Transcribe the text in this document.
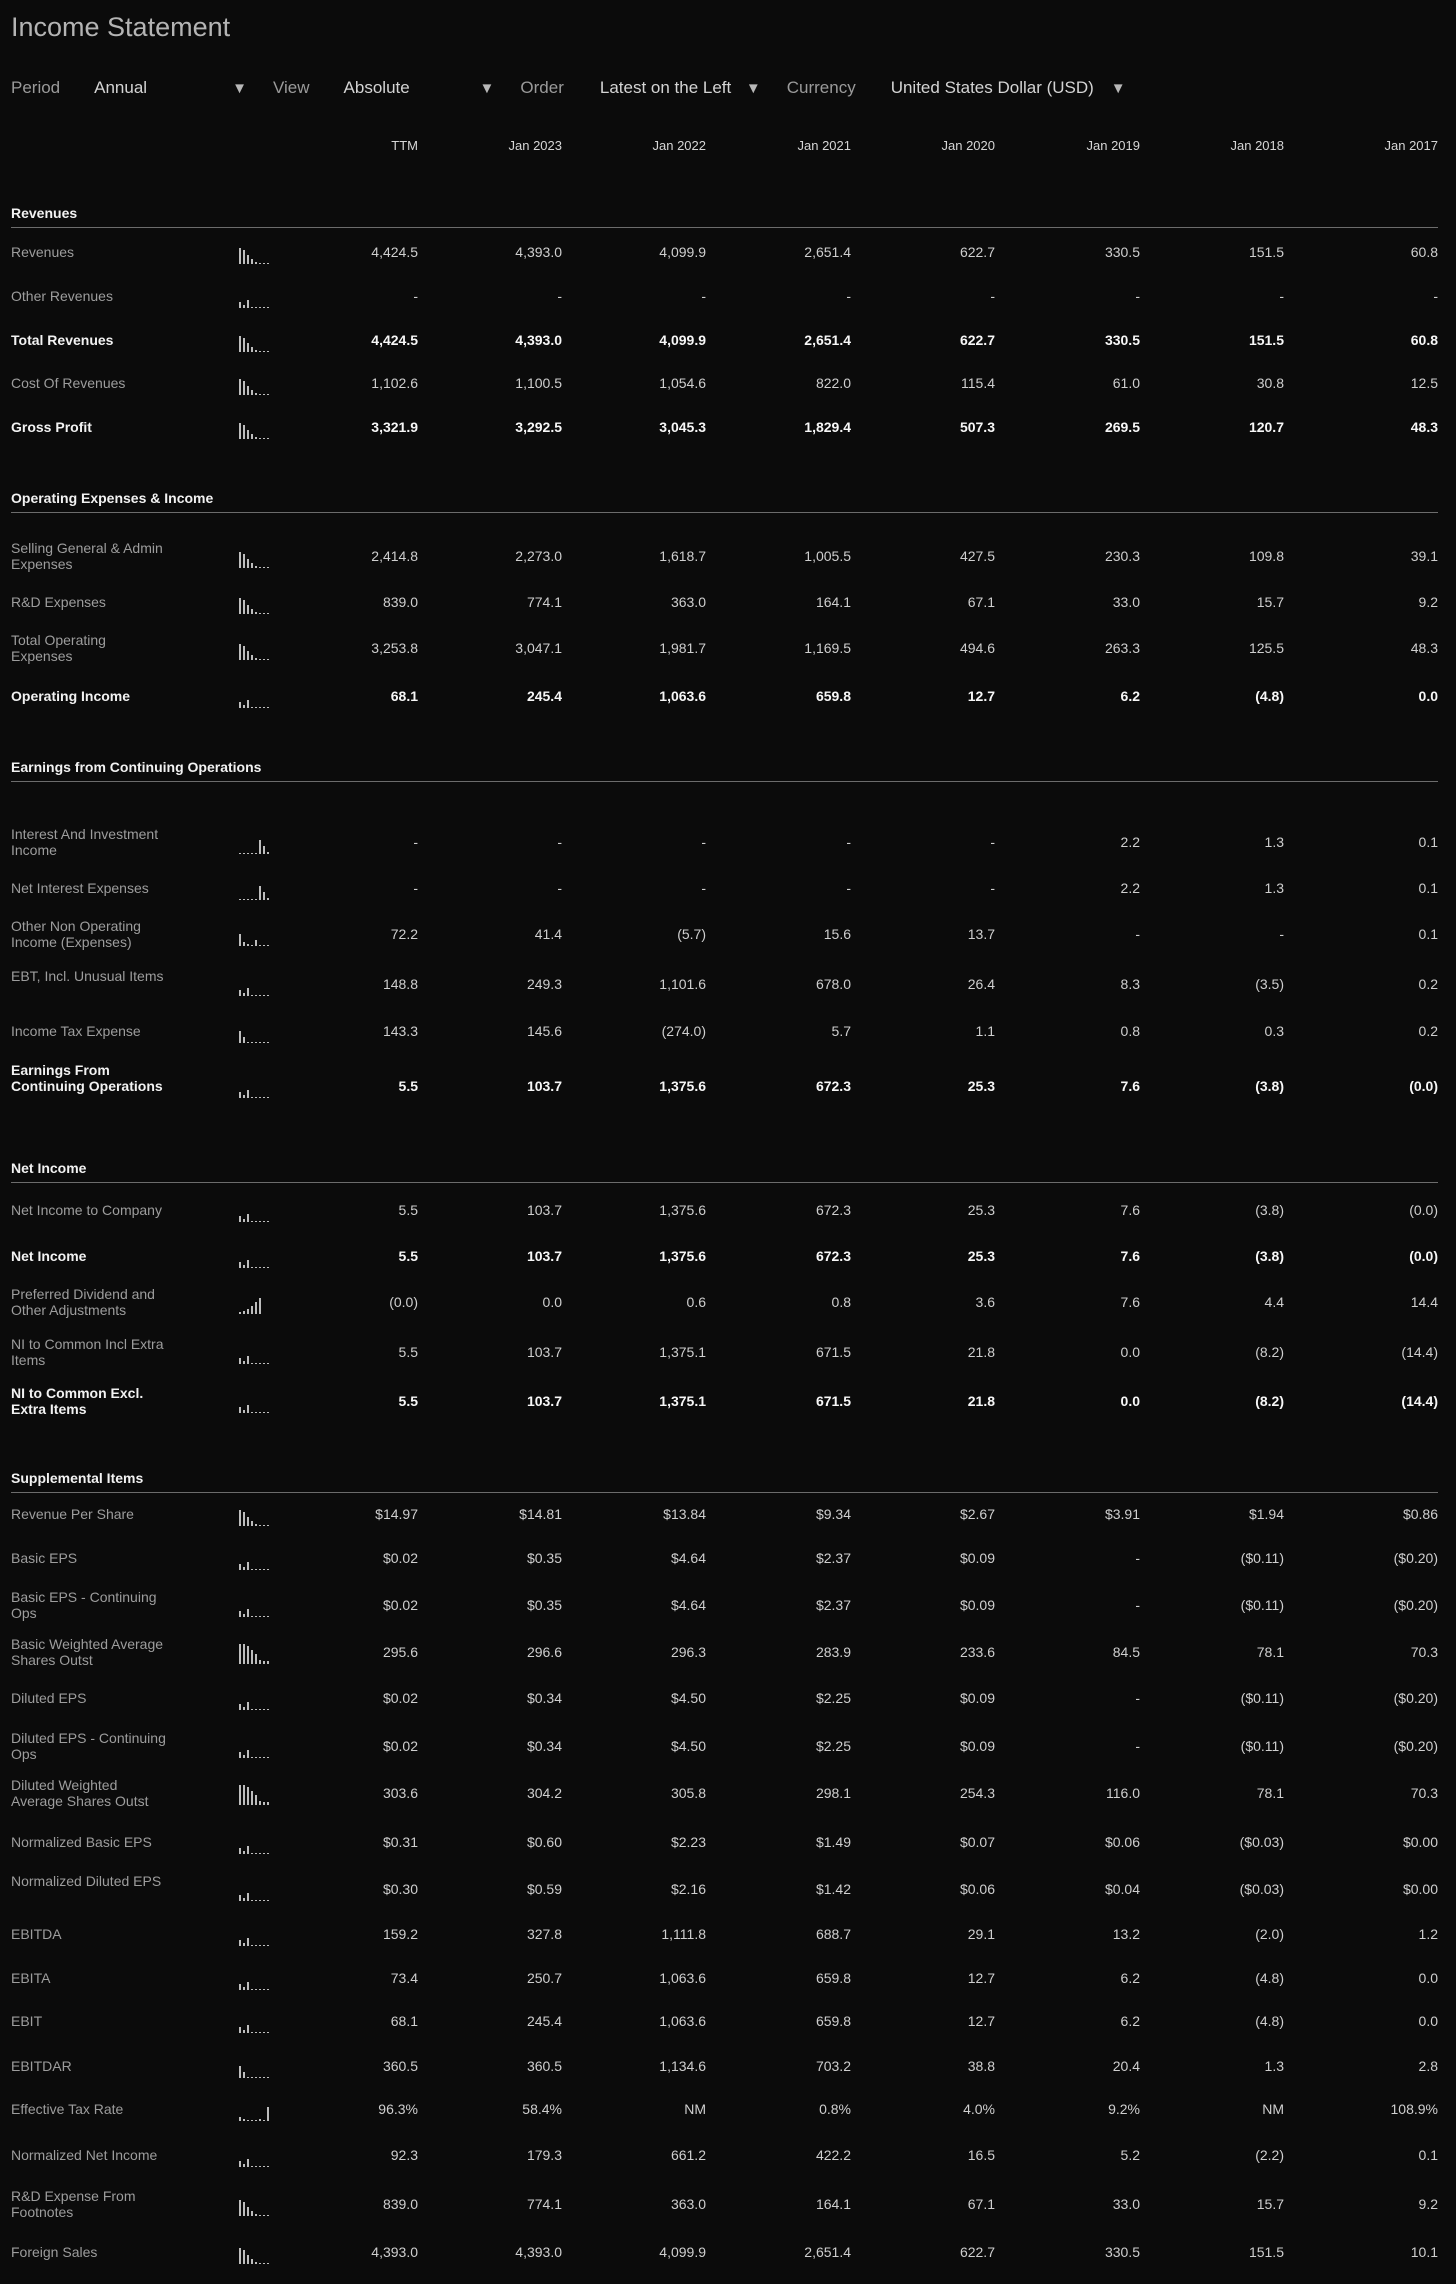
Income Statement
Period Annual	▼ View Absolute	▼ Order Latest on the Left ▼ Currency United States Dollar (USD)	▼
TTM	Jan 2023	Jan 2022	Jan 2021	Jan 2020	Jan 2019	Jan 2018	Jan 2017
Revenues
Revenues	4,424.5	4,393.0	4,099.9	2,651.4	622.7	330.5	151.5	60.8
Other Revenues	-	-	-	-	-	-	-	-
Total Revenues	4,424.5	4,393.0	4,099.9	2,651.4	622.7	330.5	151.5	60.8
Cost Of Revenues	1,102.6	1,100.5	1,054.6	822.0	115.4	61.0	30.8	12.5
Gross Profit	3,321.9	3,292.5	3,045.3	1,829.4	507.3	269.5	120.7	48.3
Operating Expenses & Income
Selling General & Admin Expenses	2,414.8	2,273.0	1,618.7	1,005.5	427.5	230.3	109.8	39.1
R&D Expenses	839.0	774.1	363.0	164.1	67.1	33.0	15.7	9.2
Total Operating Expenses	3,253.8	3,047.1	1,981.7	1,169.5	494.6	263.3	125.5	48.3
Operating Income	68.1	245.4	1,063.6	659.8	12.7	6.2	(4.8)	0.0
Earnings from Continuing Operations
Interest And Investment Income	-	-	-	-	-	2.2	1.3	0.1
Net Interest Expenses	-	-	-	-	-	2.2	1.3	0.1
Other Non Operating Income (Expenses)	72.2	41.4	(5.7)	15.6	13.7	-	-	0.1
EBT, Incl. Unusual Items	148.8	249.3	1,101.6	678.0	26.4	8.3	(3.5)	0.2
Income Tax Expense	143.3	145.6	(274.0)	5.7	1.1	0.8	0.3	0.2
Earnings From Continuing Operations	5.5	103.7	1,375.6	672.3	25.3	7.6	(3.8)	(0.0)
Net Income
Net Income to Company	5.5	103.7	1,375.6	672.3	25.3	7.6	(3.8)	(0.0)
Net Income	5.5	103.7	1,375.6	672.3	25.3	7.6	(3.8)	(0.0)
Preferred Dividend and Other Adjustments	(0.0)	0.0	0.6	0.8	3.6	7.6	4.4	14.4
NI to Common Incl Extra Items	5.5	103.7	1,375.1	671.5	21.8	0.0	(8.2)	(14.4)
NI to Common Excl. Extra Items	5.5	103.7	1,375.1	671.5	21.8	0.0	(8.2)	(14.4)
Supplemental Items
Revenue Per Share	$14.97	$14.81	$13.84	$9.34	$2.67	$3.91	$1.94	$0.86
Basic EPS	$0.02	$0.35	$4.64	$2.37	$0.09	-	($0.11)	($0.20)
Basic EPS - Continuing Ops	$0.02	$0.35	$4.64	$2.37	$0.09	-	($0.11)	($0.20)
Basic Weighted Average Shares Outst	295.6	296.6	296.3	283.9	233.6	84.5	78.1	70.3
Diluted EPS	$0.02	$0.34	$4.50	$2.25	$0.09	-	($0.11)	($0.20)
Diluted EPS - Continuing Ops	$0.02	$0.34	$4.50	$2.25	$0.09	-	($0.11)	($0.20)
Diluted Weighted Average Shares Outst	303.6	304.2	305.8	298.1	254.3	116.0	78.1	70.3
Normalized Basic EPS	$0.31	$0.60	$2.23	$1.49	$0.07	$0.06	($0.03)	$0.00
Normalized Diluted EPS	$0.30	$0.59	$2.16	$1.42	$0.06	$0.04	($0.03)	$0.00
EBITDA	159.2	327.8	1,111.8	688.7	29.1	13.2	(2.0)	1.2
EBITA	73.4	250.7	1,063.6	659.8	12.7	6.2	(4.8)	0.0
EBIT	68.1	245.4	1,063.6	659.8	12.7	6.2	(4.8)	0.0
EBITDAR	360.5	360.5	1,134.6	703.2	38.8	20.4	1.3	2.8
Effective Tax Rate	96.3%	58.4%	NM	0.8%	4.0%	9.2%	NM	108.9%
Normalized Net Income	92.3	179.3	661.2	422.2	16.5	5.2	(2.2)	0.1
R&D Expense From Footnotes	839.0	774.1	363.0	164.1	67.1	33.0	15.7	9.2
Foreign Sales	4,393.0	4,393.0	4,099.9	2,651.4	622.7	330.5	151.5	10.1
